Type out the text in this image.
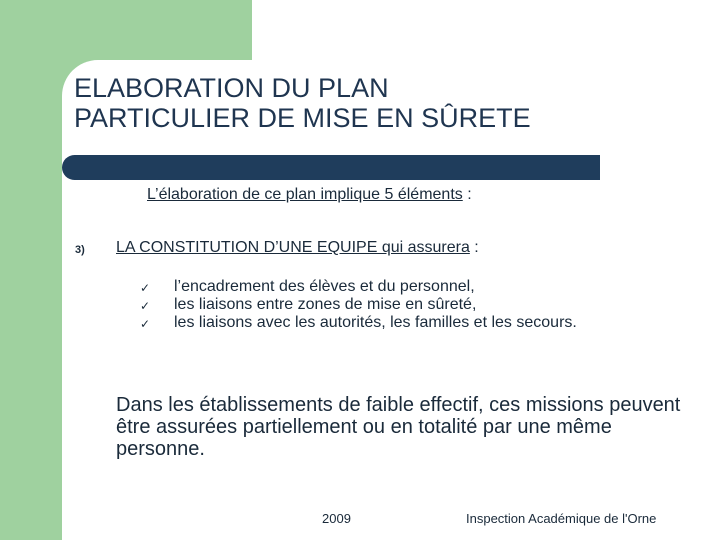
ELABORATION DU PLAN
PARTICULIER DE MISE EN SÛRETE
L’élaboration de ce plan implique 5 éléments :
3) LA CONSTITUTION D’UNE EQUIPE qui assurera :
✓ l’encadrement des élèves et du personnel,
✓ les liaisons entre zones de mise en sûreté,
✓ les liaisons avec les autorités, les familles et les secours.
Dans les établissements de faible effectif, ces missions peuvent être assurées partiellement ou en totalité par une même personne.
2009	Inspection Académique de l'Orne
